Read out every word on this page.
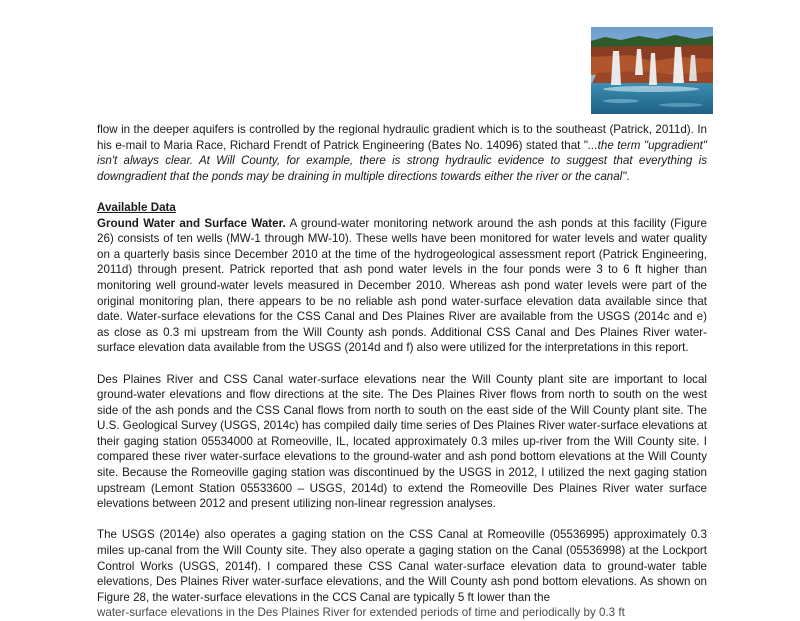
flow in the deeper aquifers is controlled by the regional hydraulic gradient which is to the southeast (Patrick, 2011d). In his e-mail to Maria Race, Richard Frendt of Patrick Engineering (Bates No. 14096) stated that "...the term "upgradient" isn't always clear. At Will County, for example, there is strong hydraulic evidence to suggest that everything is downgradient that the ponds may be draining in multiple directions towards either the river or the canal".

Available Data

Ground Water and Surface Water. A ground-water monitoring network around the ash ponds at this facility (Figure 26) consists of ten wells (MW-1 through MW-10). These wells have been monitored for water levels and water quality on a quarterly basis since December 2010 at the time of the hydrogeological assessment report (Patrick Engineering, 2011d) through present. Patrick reported that ash pond water levels in the four ponds were 3 to 6 ft higher than monitoring well ground-water levels measured in December 2010. Whereas ash pond water levels were part of the original monitoring plan, there appears to be no reliable ash pond water-surface elevation data available since that date. Water-surface elevations for the CSS Canal and Des Plaines River are available from the USGS (2014c and e) as close as 0.3 mi upstream from the Will County ash ponds. Additional CSS Canal and Des Plaines River water-surface elevation data available from the USGS (2014d and f) also were utilized for the interpretations in this report.

Des Plaines River and CSS Canal water-surface elevations near the Will County plant site are important to local ground-water elevations and flow directions at the site. The Des Plaines River flows from north to south on the west side of the ash ponds and the CSS Canal flows from north to south on the east side of the Will County plant site. The U.S. Geological Survey (USGS, 2014c) has compiled daily time series of Des Plaines River water-surface elevations at their gaging station 05534000 at Romeoville, IL, located approximately 0.3 miles up-river from the Will County site. I compared these river water-surface elevations to the ground-water and ash pond bottom elevations at the Will County site. Because the Romeoville gaging station was discontinued by the USGS in 2012, I utilized the next gaging station upstream (Lemont Station 05533600 – USGS, 2014d) to extend the Romeoville Des Plaines River water surface elevations between 2012 and present utilizing non-linear regression analyses.

The USGS (2014e) also operates a gaging station on the CSS Canal at Romeoville (05536995) approximately 0.3 miles up-canal from the Will County site. They also operate a gaging station on the Canal (05536998) at the Lockport Control Works (USGS, 2014f). I compared these CSS Canal water-surface elevation data to ground-water table elevations, Des Plaines River water-surface elevations, and the Will County ash pond bottom elevations. As shown on Figure 28, the water-surface elevations in the CCS Canal are typically 5 ft lower than the

water-surface elevations in the Des Plaines River for extended periods of time and periodically by 0.3 ft
